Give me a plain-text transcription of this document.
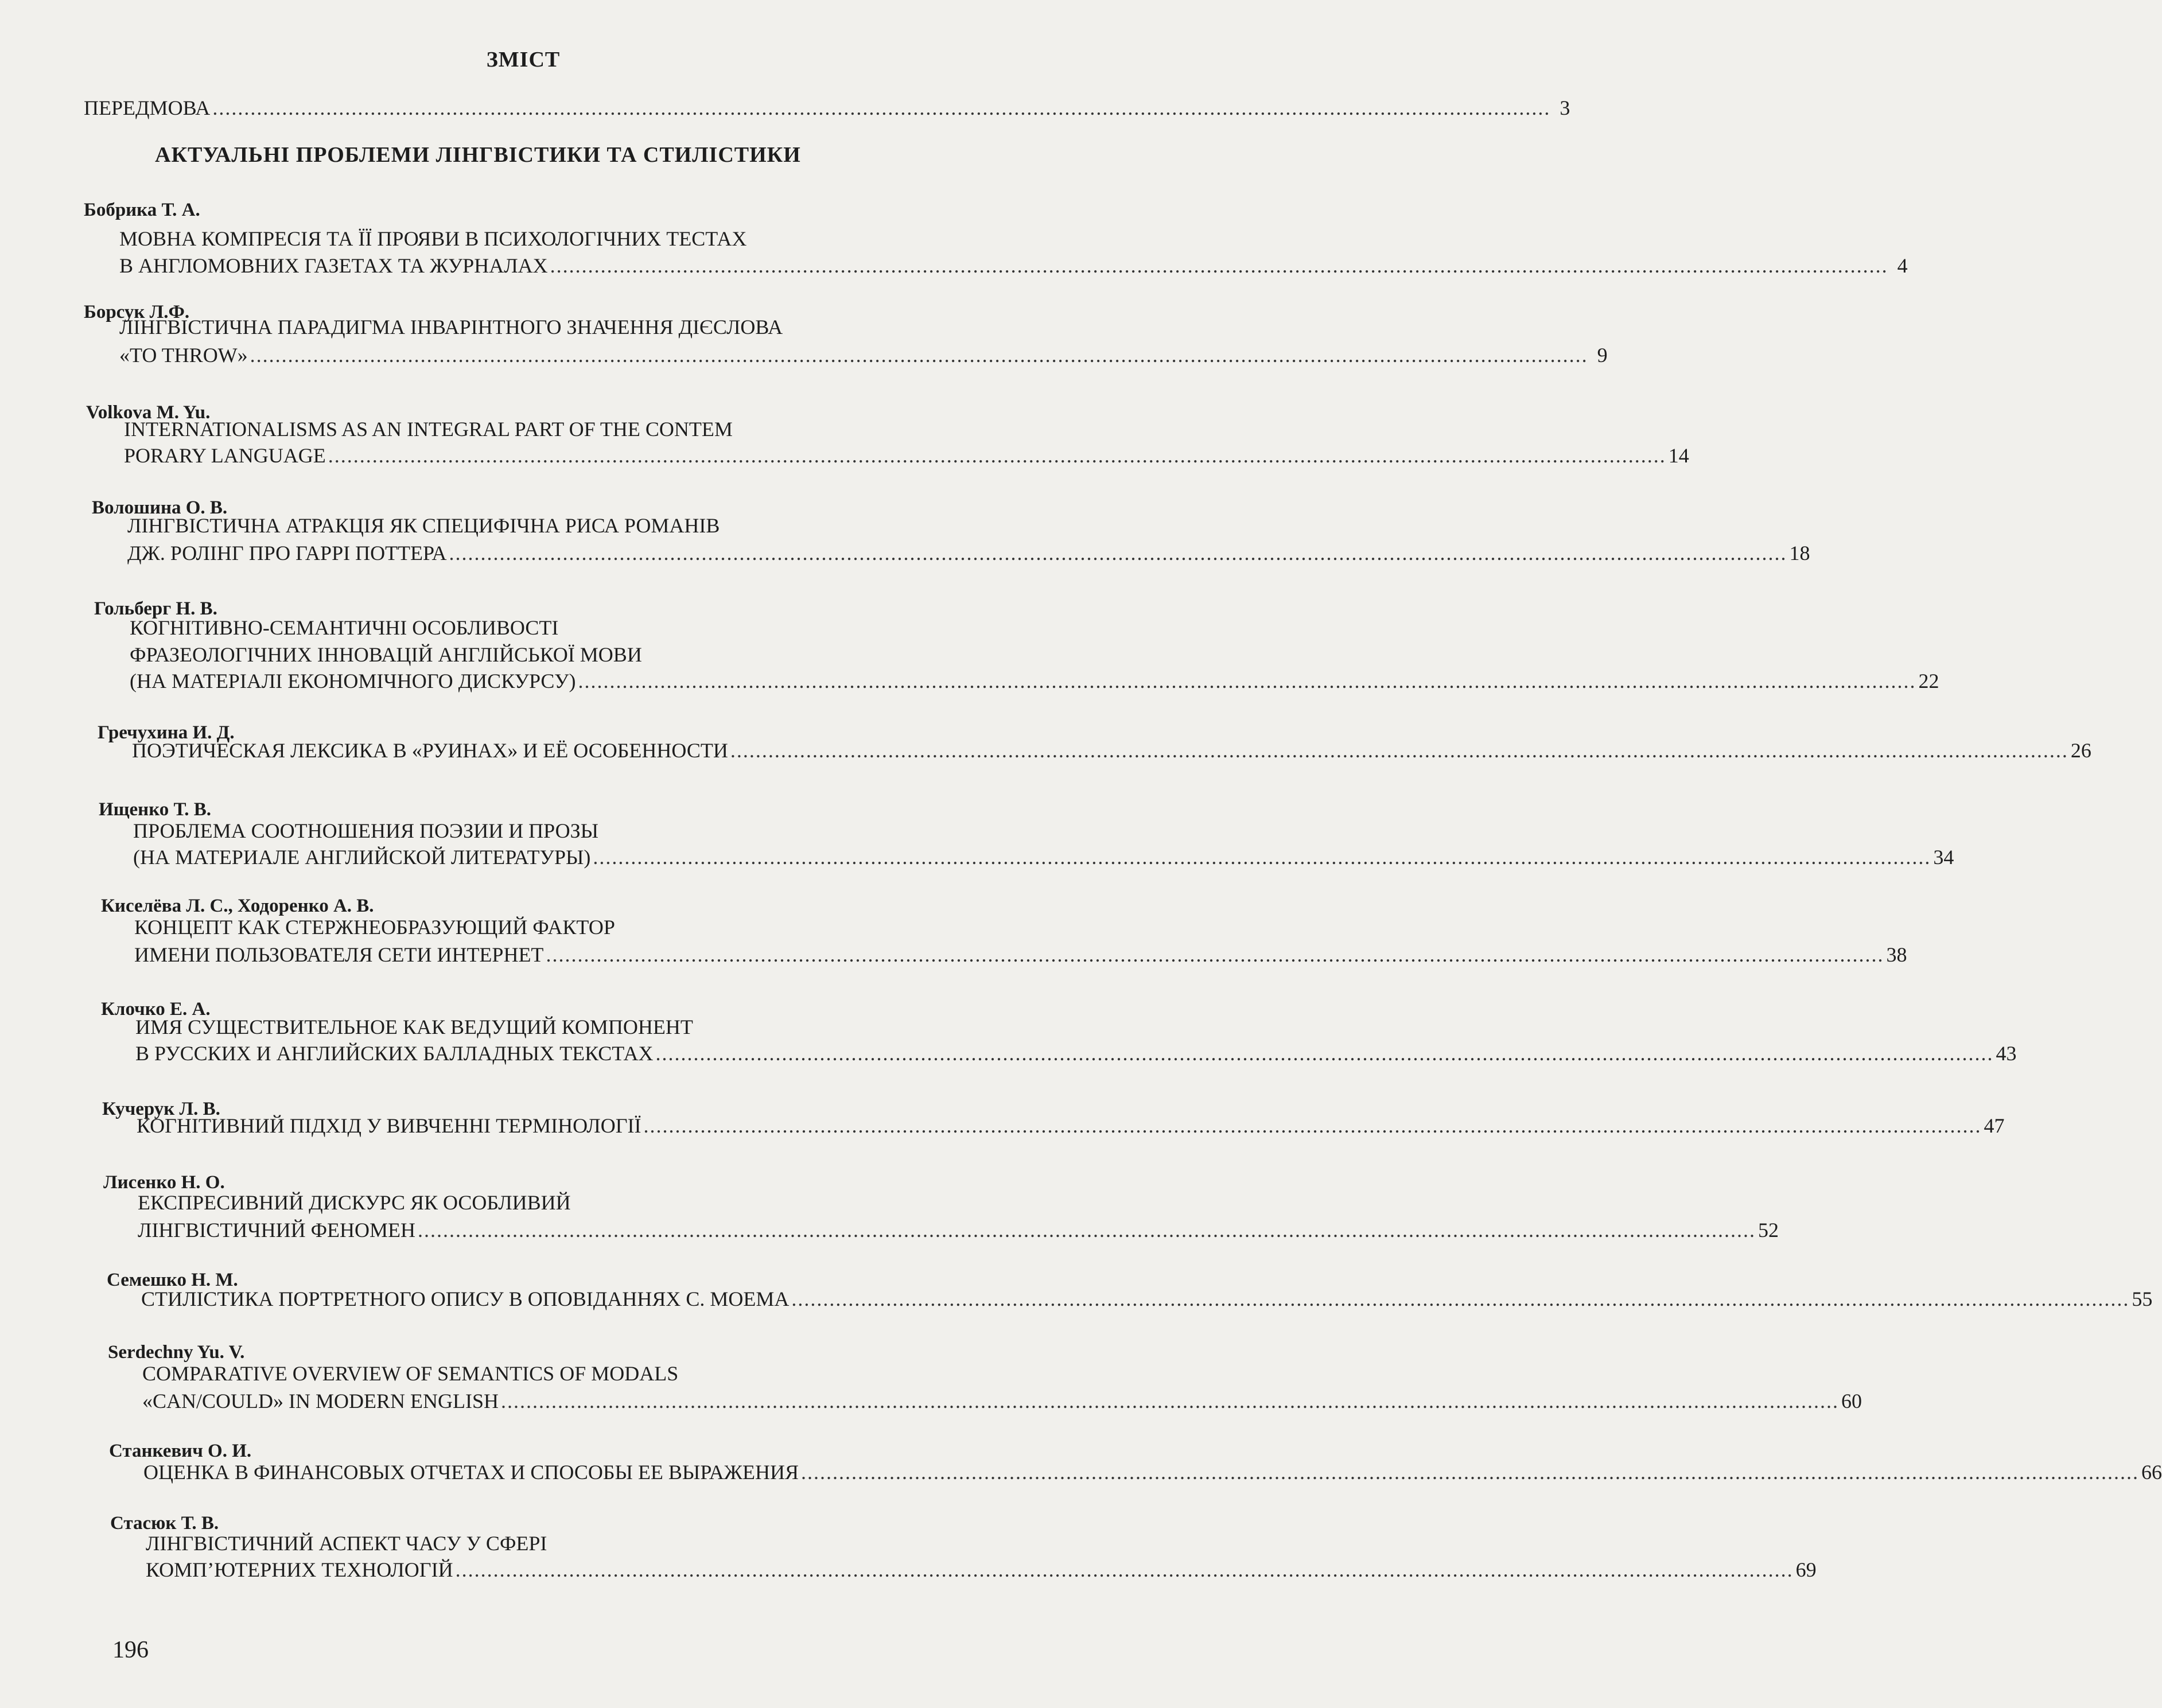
ЗМІСТ
ПЕРЕДМОВА .................................................................................................................................................................................................................... 3
АКТУАЛЬНІ ПРОБЛЕМИ ЛІНГВІСТИКИ ТА СТИЛІСТИКИ
Бобрика Т. А.
МОВНА КОМПРЕСІЯ ТА ЇЇ ПРОЯВИ В ПСИХОЛОГІЧНИХ ТЕСТАХ
В АНГЛОМОВНИХ ГАЗЕТАХ ТА ЖУРНАЛАХ .................................................................................................................................................................................................................... 4
Борсук Л.Ф.
ЛІНГВІСТИЧНА ПАРАДИГМА ІНВАРІНТНОГО ЗНАЧЕННЯ ДІЄСЛОВА
«TO THROW» .................................................................................................................................................................................................................... 9
Volkova M. Yu.
INTERNATIONALISMS AS AN INTEGRAL PART OF THE CONTEM
PORARY LANGUAGE .................................................................................................................................................................................................................... 14
Волошина О. В.
ЛІНГВІСТИЧНА АТРАКЦІЯ ЯК СПЕЦИФІЧНА РИСА РОМАНІВ
ДЖ. РОЛІНГ ПРО ГАРРІ ПОТТЕРА .................................................................................................................................................................................................................... 18
Гольберг Н. В.
КОГНІТИВНО-СЕМАНТИЧНІ ОСОБЛИВОСТІ
ФРАЗЕОЛОГІЧНИХ ІННОВАЦІЙ АНГЛІЙСЬКОЇ МОВИ
(НА МАТЕРІАЛІ ЕКОНОМІЧНОГО ДИСКУРСУ) .................................................................................................................................................................................................................... 22
Гречухина И. Д.
ПОЭТИЧЕСКАЯ ЛЕКСИКА В «РУИНАХ» И ЕЁ ОСОБЕННОСТИ .................................................................................................................................................................................................................... 26
Ищенко Т. В.
ПРОБЛЕМА СООТНОШЕНИЯ ПОЭЗИИ И ПРОЗЫ
(НА МАТЕРИАЛЕ АНГЛИЙСКОЙ ЛИТЕРАТУРЫ) .................................................................................................................................................................................................................... 34
Киселёва Л. С., Ходоренко А. В.
КОНЦЕПТ КАК СТЕРЖНЕОБРАЗУЮЩИЙ ФАКТОР
ИМЕНИ ПОЛЬЗОВАТЕЛЯ СЕТИ ИНТЕРНЕТ .................................................................................................................................................................................................................... 38
Клочко Е. А.
ИМЯ СУЩЕСТВИТЕЛЬНОЕ КАК ВЕДУЩИЙ КОМПОНЕНТ
В РУССКИХ И АНГЛИЙСКИХ БАЛЛАДНЫХ ТЕКСТАХ .................................................................................................................................................................................................................... 43
Кучерук Л. В.
КОГНІТИВНИЙ ПІДХІД У ВИВЧЕННІ ТЕРМІНОЛОГІЇ .................................................................................................................................................................................................................... 47
Лисенко Н. О.
ЕКСПРЕСИВНИЙ ДИСКУРС ЯК ОСОБЛИВИЙ
ЛІНГВІСТИЧНИЙ ФЕНОМЕН .................................................................................................................................................................................................................... 52
Семешко Н. М.
СТИЛІСТИКА ПОРТРЕТНОГО ОПИСУ В ОПОВІДАННЯХ С. МОЕМА .................................................................................................................................................................................................................... 55
Serdechny Yu. V.
COMPARATIVE OVERVIEW OF SEMANTICS OF MODALS
«CAN/COULD» IN MODERN ENGLISH .................................................................................................................................................................................................................... 60
Станкевич О. И.
ОЦЕНКА В ФИНАНСОВЫХ ОТЧЕТАХ И СПОСОБЫ ЕЕ ВЫРАЖЕНИЯ .................................................................................................................................................................................................................... 66
Стасюк Т. В.
ЛІНГВІСТИЧНИЙ АСПЕКТ ЧАСУ У СФЕРІ
КОМП’ЮТЕРНИХ ТЕХНОЛОГІЙ .................................................................................................................................................................................................................... 69
196
